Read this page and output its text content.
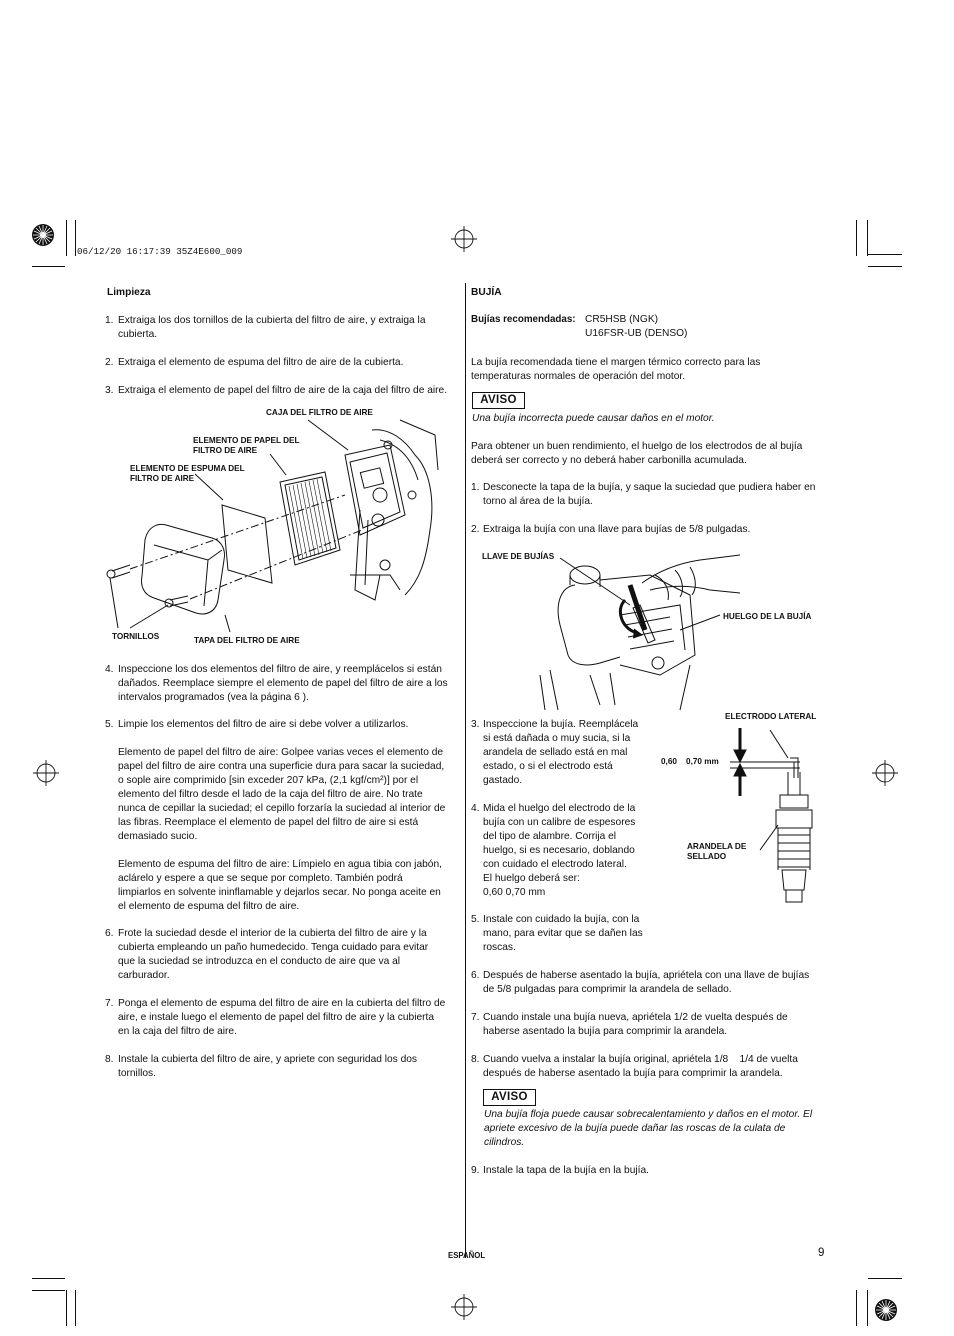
06/12/20 16:17:39 35Z4E600_009
Limpieza
1. Extraiga los dos tornillos de la cubierta del filtro de aire, y extraiga la
cubierta.
2. Extraiga el elemento de espuma del filtro de aire de la cubierta.
3. Extraiga el elemento de papel del filtro de aire de la caja del filtro de aire.
CAJA DEL FILTRO DE AIRE
ELEMENTO DE PAPEL DEL
FILTRO DE AIRE
ELEMENTO DE ESPUMA DEL
FILTRO DE AIRE
TORNILLOS	TAPA DEL FILTRO DE AIRE
4. Inspeccione los dos elementos del filtro de aire, y reemplácelos si están
dañados. Reemplace siempre el elemento de papel del filtro de aire a los
intervalos programados (vea la página 6 ).
5. Limpie los elementos del filtro de aire si debe volver a utilizarlos.
Elemento de papel del filtro de aire: Golpee varias veces el elemento de
papel del filtro de aire contra una superficie dura para sacar la suciedad,
o sople aire comprimido [sin exceder 207 kPa, (2,1 kgf/cm²)] por el
elemento del filtro desde el lado de la caja del filtro de aire. No trate
nunca de cepillar la suciedad; el cepillo forzaría la suciedad al interior de
las fibras. Reemplace el elemento de papel del filtro de aire si está
demasiado sucio.
Elemento de espuma del filtro de aire: Límpielo en agua tibia con jabón,
aclárelo y espere a que se seque por completo. También podrá
limpiarlos en solvente ininflamable y dejarlos secar. No ponga aceite en
el elemento de espuma del filtro de aire.
6. Frote la suciedad desde el interior de la cubierta del filtro de aire y la
cubierta empleando un paño humedecido. Tenga cuidado para evitar
que la suciedad se introduzca en el conducto de aire que va al
carburador.
7. Ponga el elemento de espuma del filtro de aire en la cubierta del filtro de
aire, e instale luego el elemento de papel del filtro de aire y la cubierta
en la caja del filtro de aire.
8. Instale la cubierta del filtro de aire, y apriete con seguridad los dos
tornillos.
BUJÍA
Bujías recomendadas: CR5HSB (NGK)
U16FSR-UB (DENSO)
La bujía recomendada tiene el margen térmico correcto para las
temperaturas normales de operación del motor.
AVISO
Una bujía incorrecta puede causar daños en el motor.
Para obtener un buen rendimiento, el huelgo de los electrodos de al bujía
deberá ser correcto y no deberá haber carbonilla acumulada.
1. Desconecte la tapa de la bujía, y saque la suciedad que pudiera haber en
torno al área de la bujía.
2. Extraiga la bujía con una llave para bujías de 5/8 pulgadas.
LLAVE DE BUJÍAS
HUELGO DE LA BUJÍA
3. Inspeccione la bujía. Reemplácela
si está dañada o muy sucia, si la
arandela de sellado está en mal
estado, o si el electrodo está
gastado.
4. Mida el huelgo del electrodo de la
bujía con un calibre de espesores
del tipo de alambre. Corrija el
huelgo, si es necesario, doblando
con cuidado el electrodo lateral.
El huelgo deberá ser:
0,60 0,70 mm
5. Instale con cuidado la bujía, con la
mano, para evitar que se dañen las
roscas.
ELECTRODO LATERAL
0,60    0,70 mm
ARANDELA DE
SELLADO
6. Después de haberse asentado la bujía, apriétela con una llave de bujías
de 5/8 pulgadas para comprimir la arandela de sellado.
7. Cuando instale una bujía nueva, apriétela 1/2 de vuelta después de
haberse asentado la bujía para comprimir la arandela.
8. Cuando vuelva a instalar la bujía original, apriétela 1/8    1/4 de vuelta
después de haberse asentado la bujía para comprimir la arandela.
AVISO
Una bujía floja puede causar sobrecalentamiento y daños en el motor. El
apriete excesivo de la bujía puede dañar las roscas de la culata de
cilindros.
9. Instale la tapa de la bujía en la bujía.
ESPAÑOL	9
